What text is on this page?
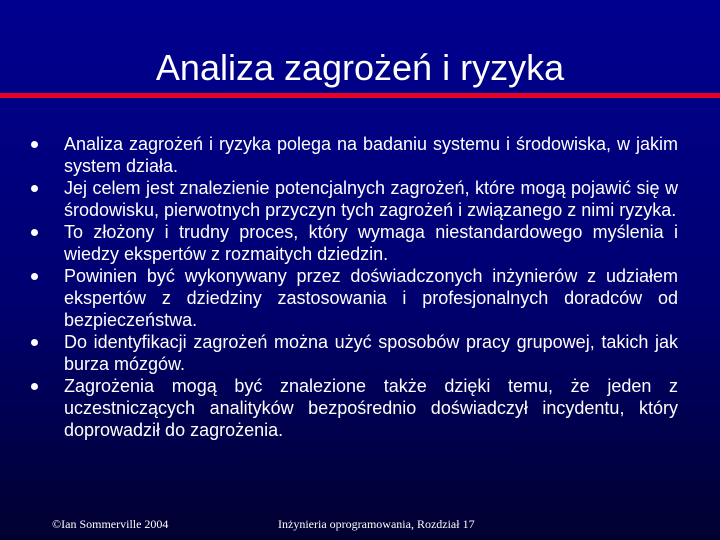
Analiza zagrożeń i ryzyka
Analiza zagrożeń i ryzyka polega na badaniu systemu i środowiska, w jakim system działa.
Jej celem jest znalezienie potencjalnych zagrożeń, które mogą pojawić się w środowisku, pierwotnych przyczyn tych zagrożeń i związanego z nimi ryzyka.
To złożony i trudny proces, który wymaga niestandardowego myślenia i wiedzy ekspertów z rozmaitych dziedzin.
Powinien być wykonywany przez doświadczonych inżynierów z udziałem ekspertów z dziedziny zastosowania i profesjonalnych doradców od bezpieczeństwa.
Do identyfikacji zagrożeń można użyć sposobów pracy grupowej, takich jak burza mózgów.
Zagrożenia mogą być znalezione także dzięki temu, że jeden z uczestniczących analityków bezpośrednio doświadczył incydentu, który doprowadził do zagrożenia.
©Ian Sommerville 2004	Inżynieria oprogramowania, Rozdział 17
